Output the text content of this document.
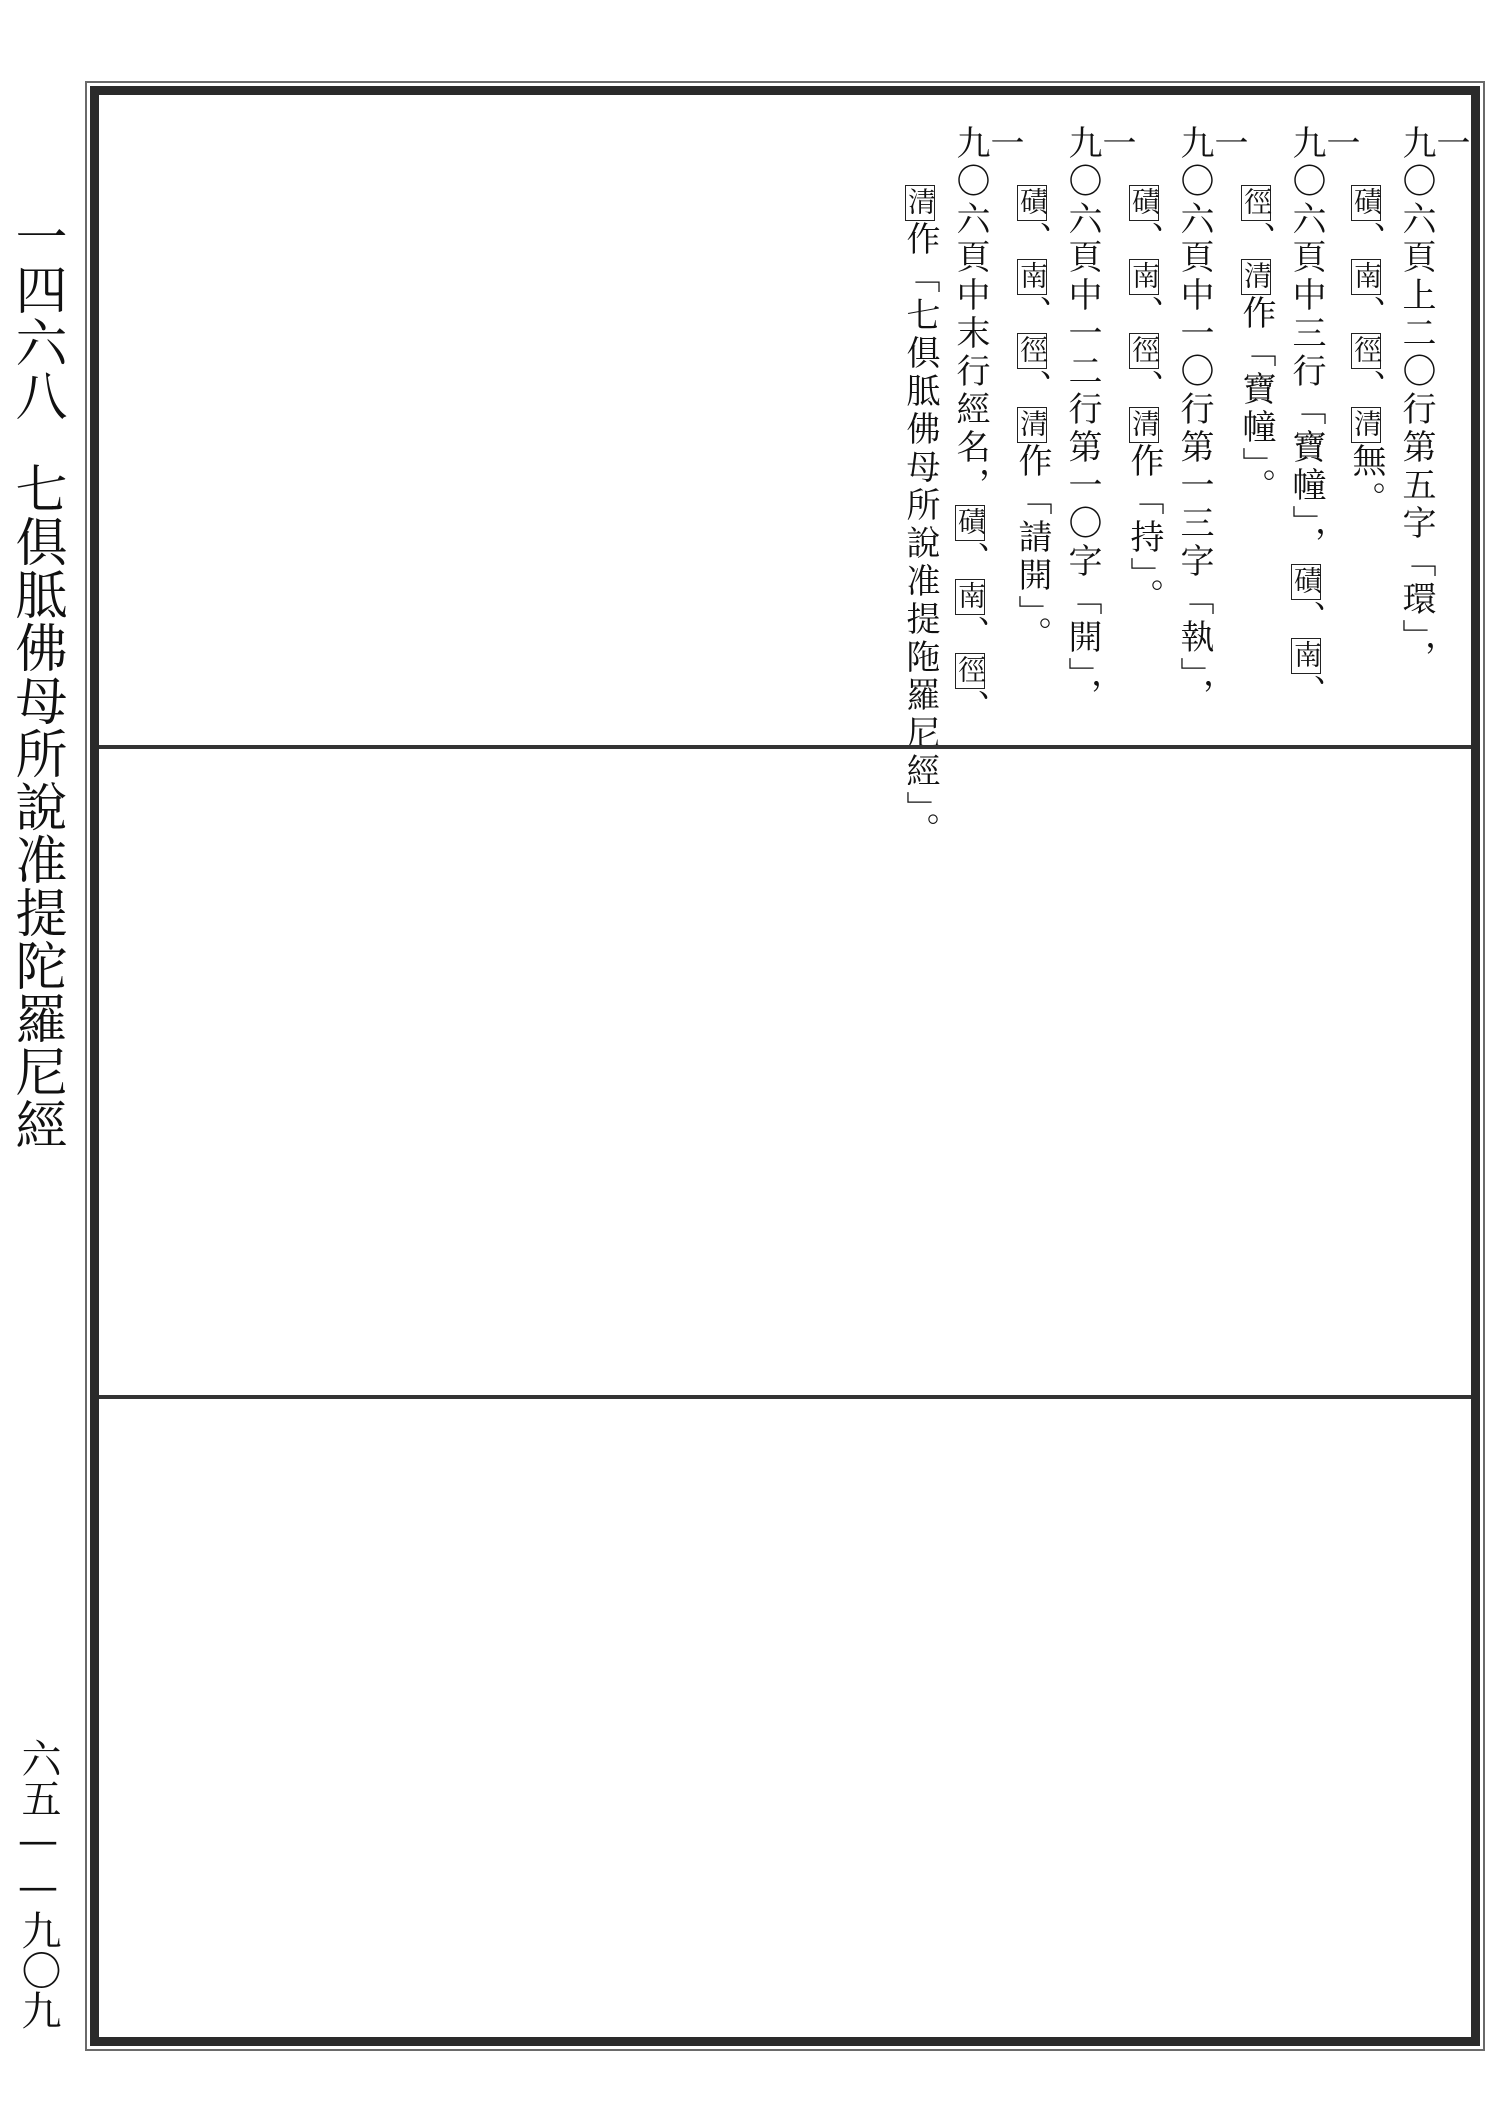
一四六八七俱胝佛母所說准提陀羅尼經
六五——九〇九
一
九〇六頁上二〇行第五字「環」，
磧、南、徑、清無。
一
九〇六頁中三行「寶幢」，磧、南、
徑、清作「寶幢」。
一
九〇六頁中一〇行第一三字「執」，
磧、南、徑、清作「持」。
一
九〇六頁中一二行第一〇字「開」，
磧、南、徑、清作「請開」。
一
九〇六頁中末行經名，磧、南、徑、
清作「七俱胝佛母所說准提陁羅尼經」。
